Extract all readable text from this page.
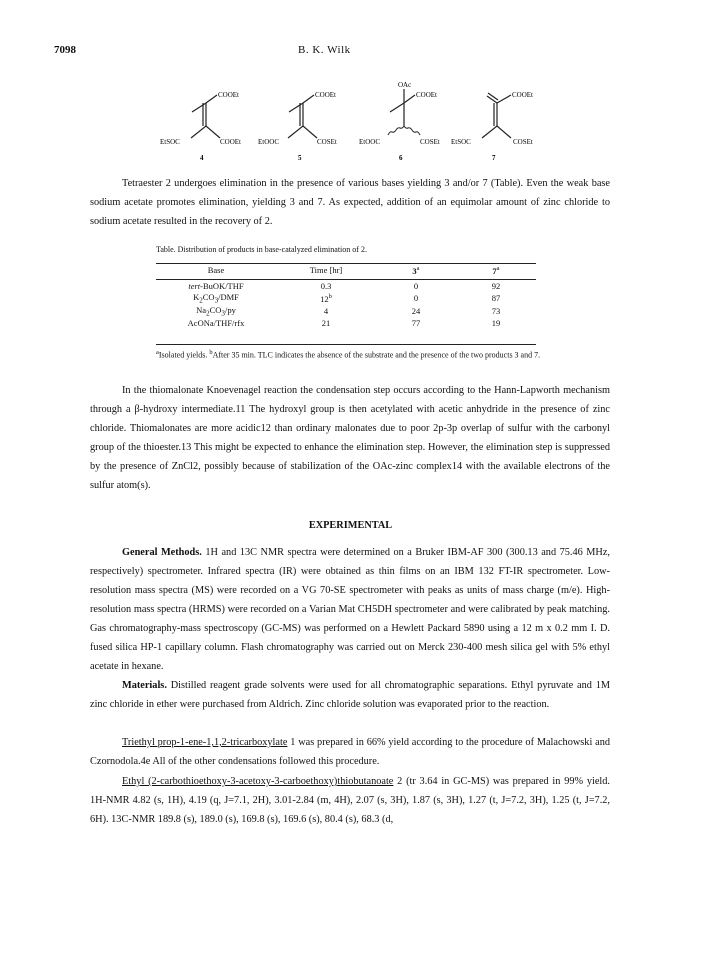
7098	B. K. Wilk
COOEt
EtSOC	COOEt
4
COOEt
EtOOC	COSEt
5
OAc
COOEt
EtOOC	COSEt
6
COOEt
EtSOC	COSEt
7

Tetraester 2 undergoes elimination in the presence of various bases yielding 3 and/or 7 (Table). Even the weak base sodium acetate promotes elimination, yielding 3 and 7. As expected, addition of an equimolar amount of zinc chloride to sodium acetate resulted in the recovery of 2.

Table. Distribution of products in base-catalyzed elimination of 2.
Base	Time [hr]	3$^a$	7$^a$
tert-BuOK/THF	0.3	0	92
$K_2CO_3$/DMF	12$^b$	0	87
$Na_2CO_3/py$	4	24	73
AcONa/THF/rfx	21	77	19
$^a$Isolated yields. $^b$After 35 min. TLC indicates the absence of the substrate and the presence of the two products 3 and 7.

In the thiomalonate Knoevenagel reaction the condensation step occurs according to the Hann-Lapworth mechanism through a β-hydroxy intermediate.11 The hydroxyl group is then acetylated with acetic anhydride in the presence of zinc chloride. Thiomalonates are more acidic12 than ordinary malonates due to poor 2p-3p overlap of sulfur with the carbonyl group of the thioester.13 This might be expected to enhance the elimination step. However, the elimination step is suppressed by the presence of ZnCl2, possibly because of stabilization of the OAc-zinc complex14 with the available electrons of the sulfur atom(s).

EXPERIMENTAL

General Methods. 1H and 13C NMR spectra were determined on a Bruker IBM-AF 300 (300.13 and 75.46 MHz, respectively) spectrometer. Infrared spectra (IR) were obtained as thin films on an IBM 132 FT-IR spectrometer. Low-resolution mass spectra (MS) were recorded on a VG 70-SE spectrometer with peaks as units of mass charge (m/e). High-resolution mass spectra (HRMS) were recorded on a Varian Mat CH5DH spectrometer and were calibrated by peak matching. Gas chromatography-mass spectroscopy (GC-MS) was performed on a Hewlett Packard 5890 using a 12 m x 0.2 mm I. D. fused silica HP-1 capillary column. Flash chromatography was carried out on Merck 230-400 mesh silica gel with 5% ethyl acetate in hexane.

Materials. Distilled reagent grade solvents were used for all chromatographic separations. Ethyl pyruvate and 1M zinc chloride in ether were purchased from Aldrich. Zinc chloride solution was evaporated prior to the reaction.

Triethyl prop-1-ene-1,1,2-tricarboxylate 1 was prepared in 66% yield according to the procedure of Malachowski and Czornodola.4e All of the other condensations followed this procedure.

Ethyl (2-carbothioethoxy-3-acetoxy-3-carboethoxy)thiobutanoate 2 (tr 3.64 in GC-MS) was prepared in 99% yield. 1H-NMR 4.82 (s, 1H), 4.19 (q, J=7.1, 2H), 3.01-2.84 (m, 4H), 2.07 (s, 3H), 1.87 (s, 3H), 1.27 (t, J=7.2, 3H), 1.25 (t, J=7.2, 6H). 13C-NMR 189.8 (s), 189.0 (s), 169.8 (s), 169.6 (s), 80.4 (s), 68.3 (d,
